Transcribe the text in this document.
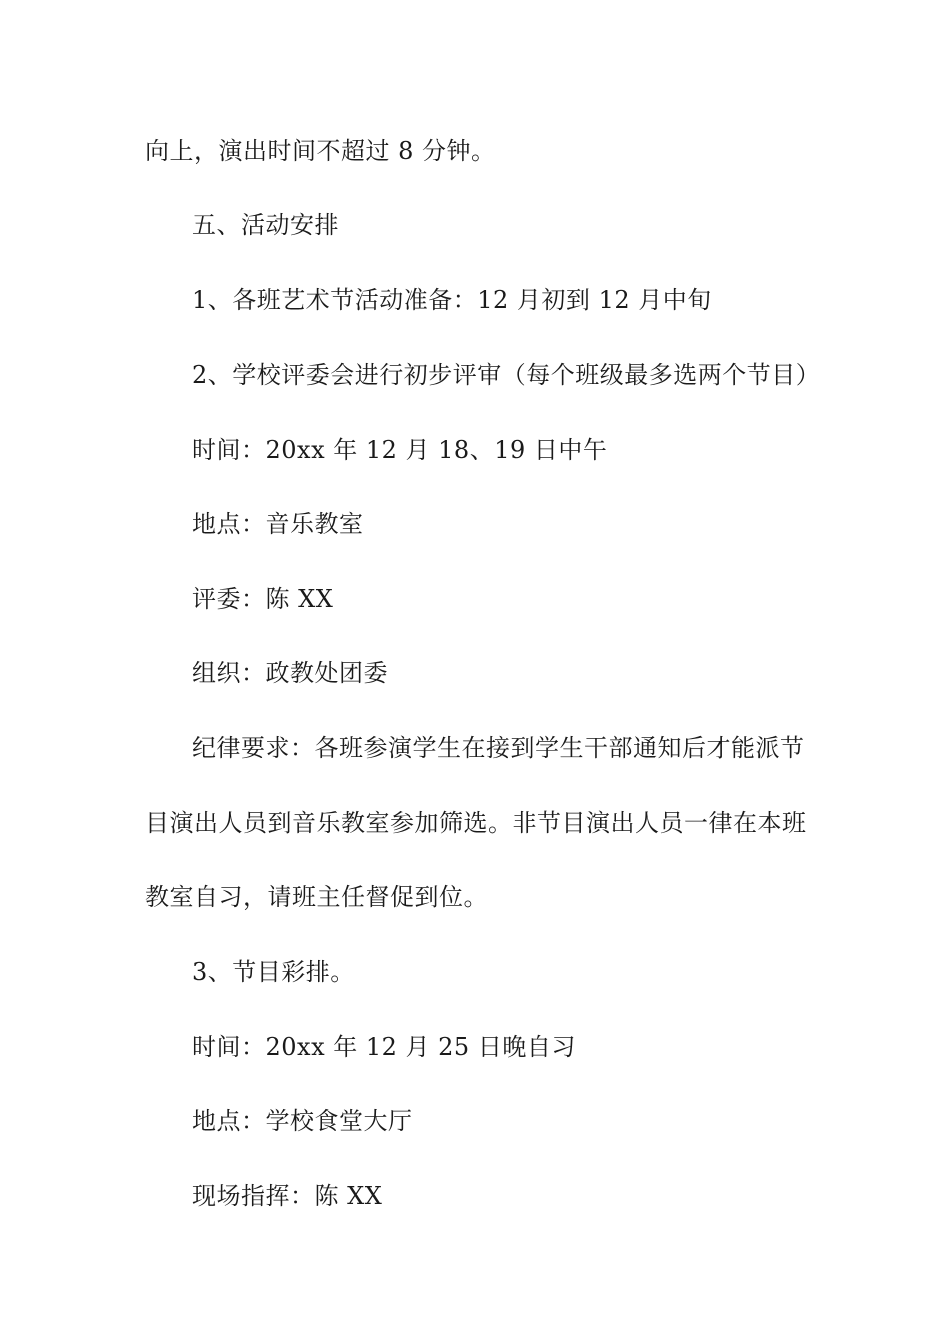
向上，演出时间不超过 8 分钟。
五、活动安排
1、各班艺术节活动准备：12 月初到 12 月中旬
2、学校评委会进行初步评审（每个班级最多选两个节目）
时间：20xx 年 12 月 18、19 日中午
地点：音乐教室
评委：陈 XX
组织：政教处团委
纪律要求：各班参演学生在接到学生干部通知后才能派节
目演出人员到音乐教室参加筛选。非节目演出人员一律在本班
教室自习，请班主任督促到位。
3、节目彩排。
时间：20xx 年 12 月 25 日晚自习
地点：学校食堂大厅
现场指挥：陈 XX
